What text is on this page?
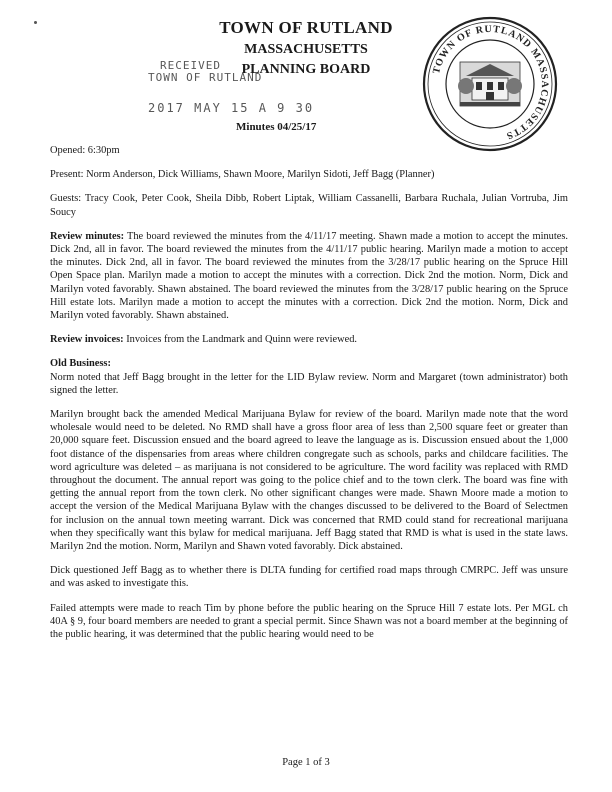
TOWN OF RUTLAND
MASSACHUSETTS
PLANNING BOARD
RECEIVED
TOWN OF RUTLAND
2017 MAY 15 A 9 30
Minutes 04/25/17
TOWN OF RUTLAND MASSACHUSETTS

Opened: 6:30pm

Present: Norm Anderson, Dick Williams, Shawn Moore, Marilyn Sidoti, Jeff Bagg (Planner)

Guests: Tracy Cook, Peter Cook, Sheila Dibb, Robert Liptak, William Cassanelli, Barbara Ruchala, Julian Vortruba, Jim Soucy

Review minutes: The board reviewed the minutes from the 4/11/17 meeting. Shawn made a motion to accept the minutes. Dick 2nd, all in favor. The board reviewed the minutes from the 4/11/17 public hearing. Marilyn made a motion to accept the minutes. Dick 2nd, all in favor. The board reviewed the minutes from the 3/28/17 public hearing on the Spruce Hill Open Space plan. Marilyn made a motion to accept the minutes with a correction. Dick 2nd the motion. Norm, Dick and Marilyn voted favorably. Shawn abstained. The board reviewed the minutes from the 3/28/17 public hearing on the Spruce Hill estate lots. Marilyn made a motion to accept the minutes with a correction. Dick 2nd the motion. Norm, Dick and Marilyn voted favorably. Shawn abstained.

Review invoices: Invoices from the Landmark and Quinn were reviewed.

Old Business:
Norm noted that Jeff Bagg brought in the letter for the LID Bylaw review. Norm and Margaret (town administrator) both signed the letter.

Marilyn brought back the amended Medical Marijuana Bylaw for review of the board. Marilyn made note that the word wholesale would need to be deleted. No RMD shall have a gross floor area of less than 2,500 square feet or greater than 20,000 square feet. Discussion ensued and the board agreed to leave the language as is. Discussion ensued about the 1,000 foot distance of the dispensaries from areas where children congregate such as schools, parks and childcare facilities. The word agriculture was deleted – as marijuana is not considered to be agriculture. The word facility was replaced with RMD throughout the document. The annual report was going to the police chief and to the town clerk. The board was fine with getting the annual report from the town clerk. No other significant changes were made. Shawn Moore made a motion to accept the version of the Medical Marijuana Bylaw with the changes discussed to be delivered to the Board of Selectmen for inclusion on the annual town meeting warrant. Dick was concerned that RMD could stand for recreational marijuana when they specifically want this bylaw for medical marijuana. Jeff Bagg stated that RMD is what is used in the state laws. Marilyn 2nd the motion. Norm, Marilyn and Shawn voted favorably. Dick abstained.

Dick questioned Jeff Bagg as to whether there is DLTA funding for certified road maps through CMRPC. Jeff was unsure and was asked to investigate this.

Failed attempts were made to reach Tim by phone before the public hearing on the Spruce Hill 7 estate lots. Per MGL ch 40A § 9, four board members are needed to grant a special permit. Since Shawn was not a board member at the beginning of the public hearing, it was determined that the public hearing would need to be

Page 1 of 3
